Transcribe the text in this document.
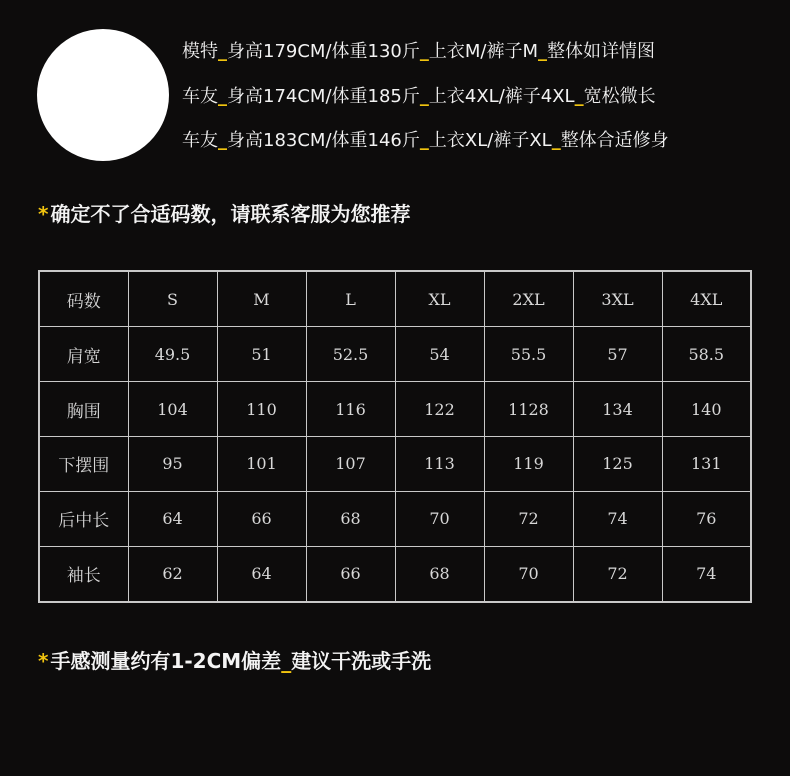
模特_身高179CM/体重130斤_上衣M/裤子M_整体如详情图
车友_身高174CM/体重185斤_上衣4XL/裤子4XL_宽松微长
车友_身高183CM/体重146斤_上衣XL/裤子XL_整体合适修身
* 确定不了合适码数，请联系客服为您推荐
码数	S	M	L	XL	2XL	3XL	4XL
肩宽	49.5	51	52.5	54	55.5	57	58.5
胸围	104	110	116	122	1128	134	140
下摆围	95	101	107	113	119	125	131
后中长	64	66	68	70	72	74	76
袖长	62	64	66	68	70	72	74
* 手感测量约有1-2CM偏差_建议干洗或手洗
